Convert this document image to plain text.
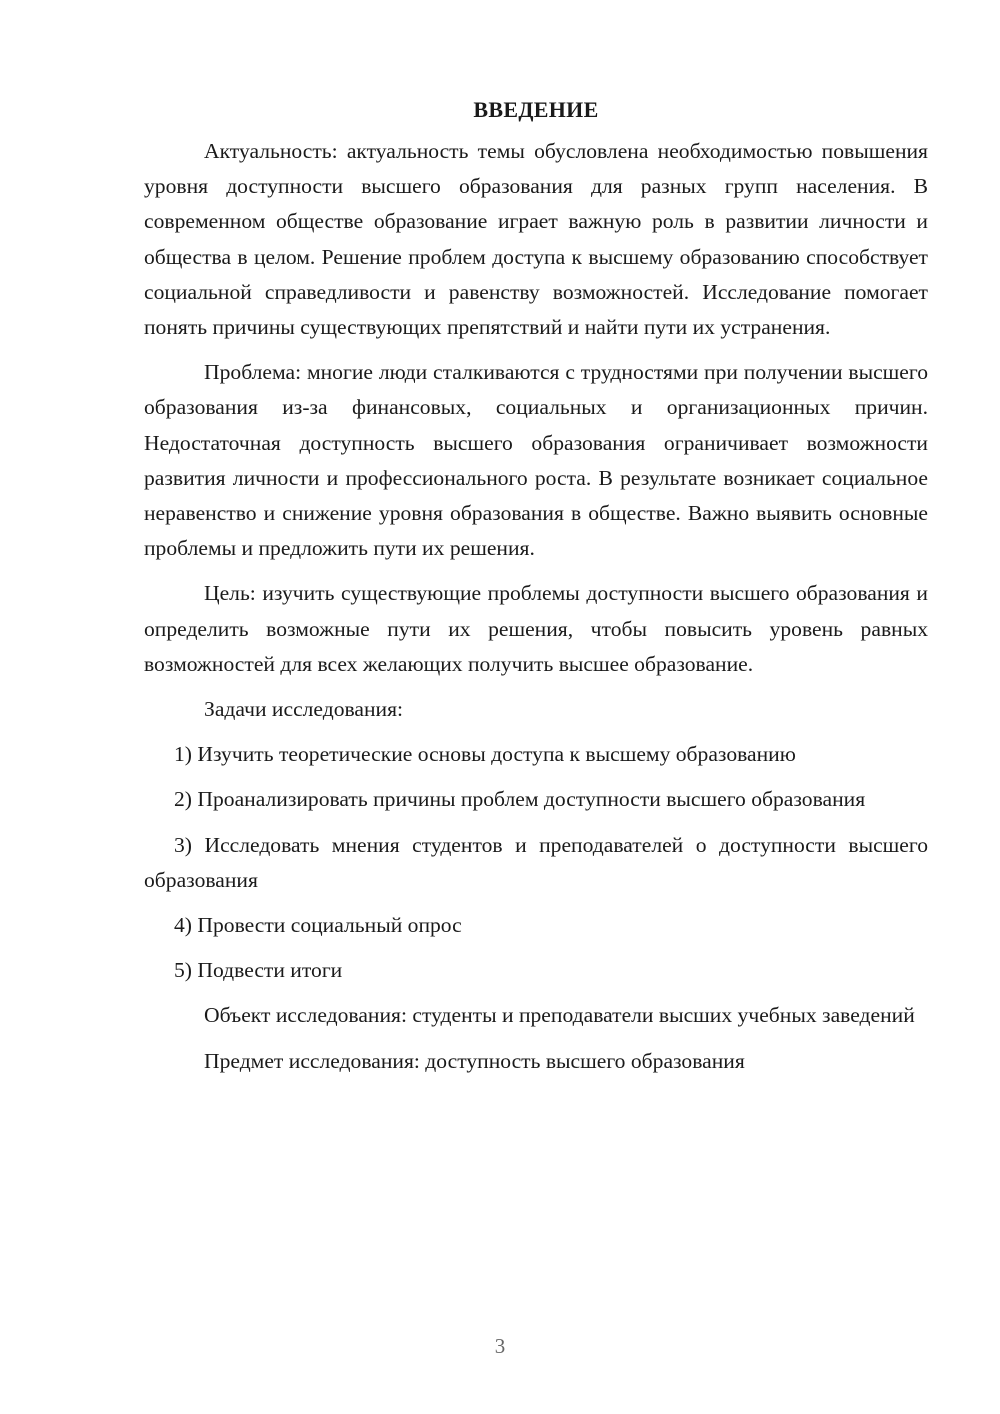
ВВЕДЕНИЕ

Актуальность: актуальность темы обусловлена необходимостью повышения уровня доступности высшего образования для разных групп населения. В современном обществе образование играет важную роль в развитии личности и общества в целом. Решение проблем доступа к высшему образованию способствует социальной справедливости и равенству возможностей. Исследование помогает понять причины существующих препятствий и найти пути их устранения.

Проблема: многие люди сталкиваются с трудностями при получении высшего образования из-за финансовых, социальных и организационных причин. Недостаточная доступность высшего образования ограничивает возможности развития личности и профессионального роста. В результате возникает социальное неравенство и снижение уровня образования в обществе. Важно выявить основные проблемы и предложить пути их решения.

Цель: изучить существующие проблемы доступности высшего образования и определить возможные пути их решения, чтобы повысить уровень равных возможностей для всех желающих получить высшее образование.

Задачи исследования:

1) Изучить теоретические основы доступа к высшему образованию

2) Проанализировать причины проблем доступности высшего образования

3) Исследовать мнения студентов и преподавателей о доступности высшего образования

4) Провести социальный опрос

5) Подвести итоги

Объект исследования: студенты и преподаватели высших учебных заведений

Предмет исследования: доступность высшего образования

3
